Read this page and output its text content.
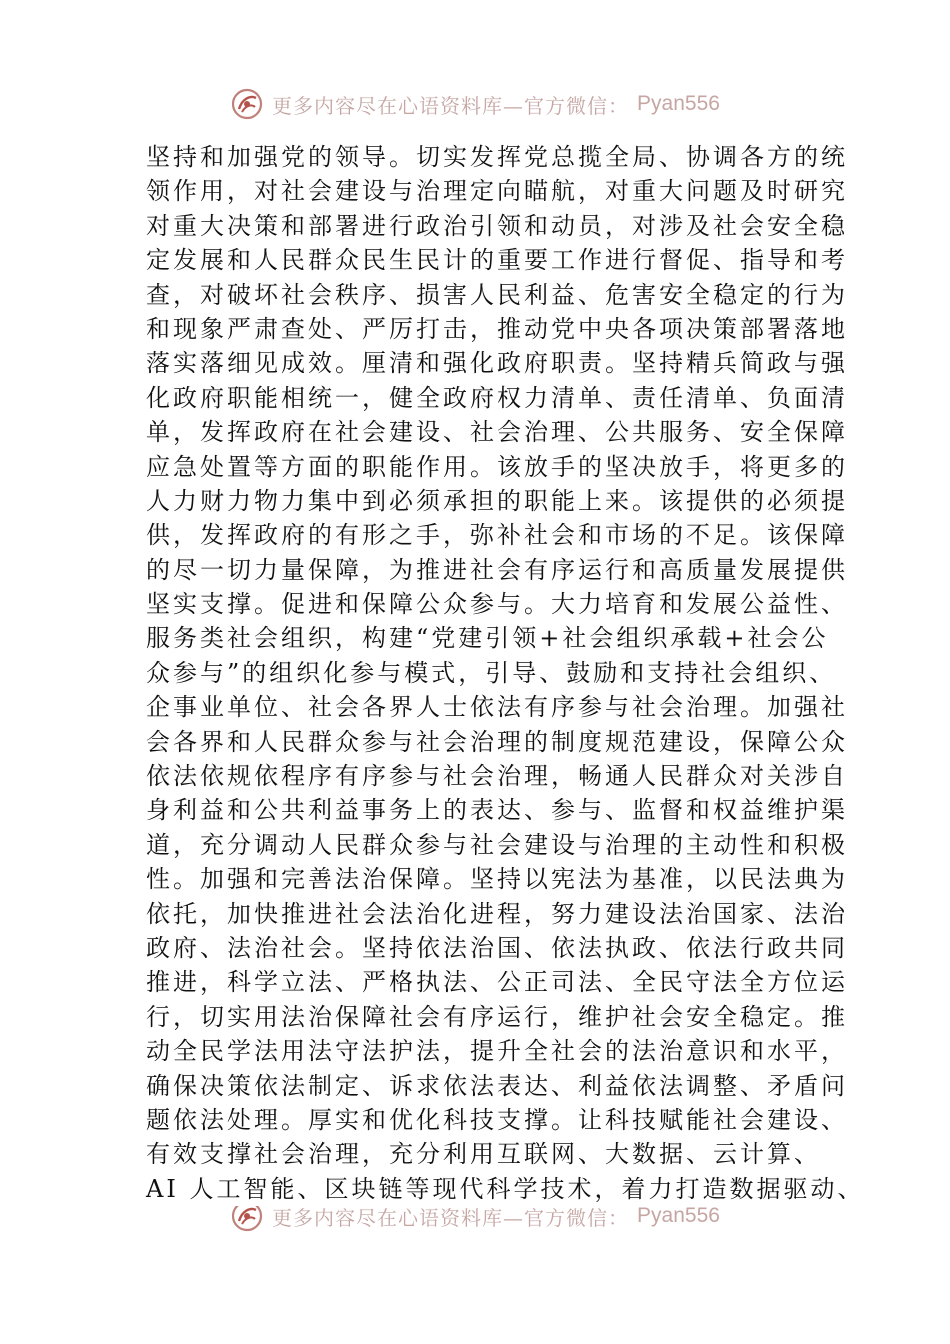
更多内容尽在心语资料库—官方微信： Pyan556
坚持和加强党的领导。切实发挥党总揽全局、协调各方的统
领作用，对社会建设与治理定向瞄航，对重大问题及时研究
对重大决策和部署进行政治引领和动员，对涉及社会安全稳
定发展和人民群众民生民计的重要工作进行督促、指导和考
查，对破坏社会秩序、损害人民利益、危害安全稳定的行为
和现象严肃查处、严厉打击，推动党中央各项决策部署落地
落实落细见成效。厘清和强化政府职责。坚持精兵简政与强
化政府职能相统一，健全政府权力清单、责任清单、负面清
单，发挥政府在社会建设、社会治理、公共服务、安全保障
应急处置等方面的职能作用。该放手的坚决放手，将更多的
人力财力物力集中到必须承担的职能上来。该提供的必须提
供，发挥政府的有形之手，弥补社会和市场的不足。该保障
的尽一切力量保障，为推进社会有序运行和高质量发展提供
坚实支撑。促进和保障公众参与。大力培育和发展公益性、
服务类社会组织，构建“党建引领+社会组织承载+社会公
众参与”的组织化参与模式，引导、鼓励和支持社会组织、
企事业单位、社会各界人士依法有序参与社会治理。加强社
会各界和人民群众参与社会治理的制度规范建设，保障公众
依法依规依程序有序参与社会治理，畅通人民群众对关涉自
身利益和公共利益事务上的表达、参与、监督和权益维护渠
道，充分调动人民群众参与社会建设与治理的主动性和积极
性。加强和完善法治保障。坚持以宪法为基准，以民法典为
依托，加快推进社会法治化进程，努力建设法治国家、法治
政府、法治社会。坚持依法治国、依法执政、依法行政共同
推进，科学立法、严格执法、公正司法、全民守法全方位运
行，切实用法治保障社会有序运行，维护社会安全稳定。推
动全民学法用法守法护法，提升全社会的法治意识和水平，
确保决策依法制定、诉求依法表达、利益依法调整、矛盾问
题依法处理。厚实和优化科技支撑。让科技赋能社会建设、
有效支撑社会治理，充分利用互联网、大数据、云计算、
AI 人工智能、区块链等现代科学技术，着力打造数据驱动、
更多内容尽在心语资料库—官方微信： Pyan556
